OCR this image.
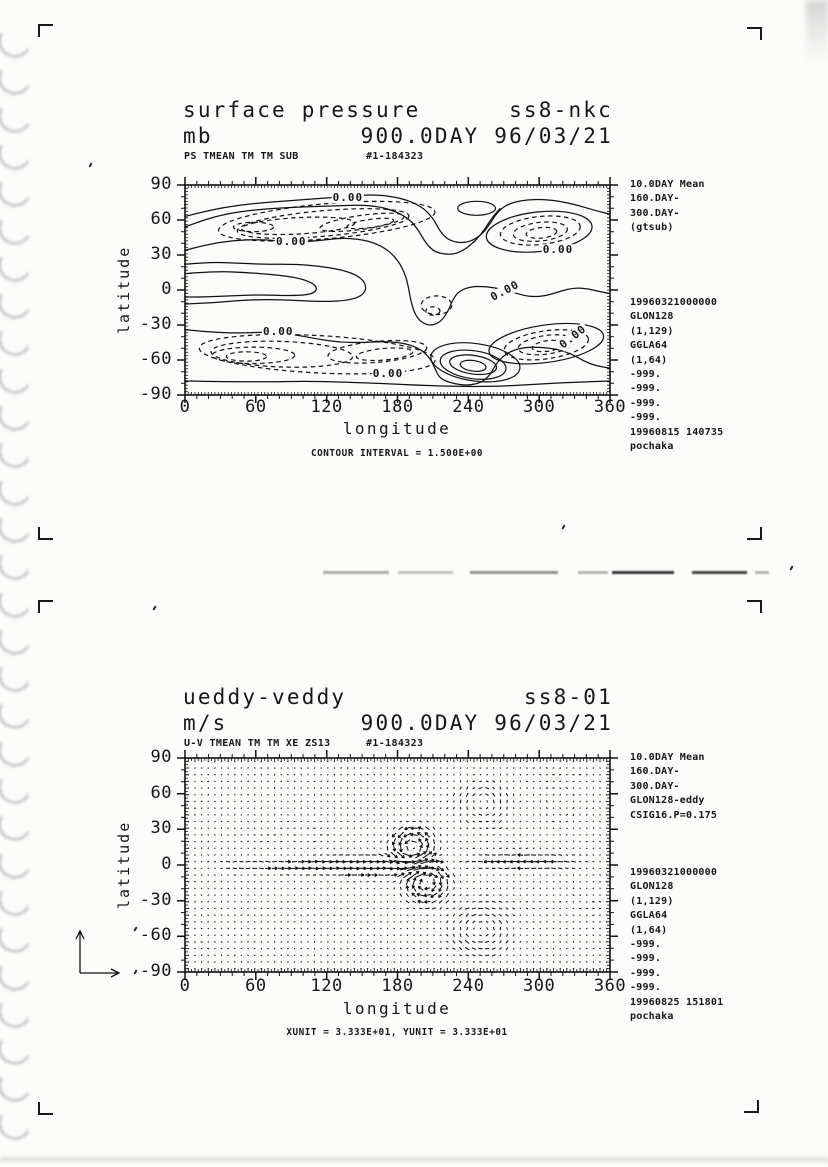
surface pressure	ss8-nkc
mb	900.0DAY 96/03/21
PS TMEAN TM TM SUB	#1-184323
longitude
latitude
CONTOUR INTERVAL = 1.500E+00
10.0DAY Mean
160.DAY-
300.DAY-
(gtsub)
19960321000000
GLON128
(1,129)
GGLA64
(1,64)
-999.
-999.
-999.
-999.
19960815 140735
pochaka
ueddy-veddy	ss8-01
m/s	900.0DAY 96/03/21
U-V TMEAN TM TM XE ZS13	#1-184323
longitude
latitude
XUNIT = 3.333E+01, YUNIT = 3.333E+01
10.0DAY Mean
160.DAY-
300.DAY-
GLON128-eddy
CSIG16.P=0.175
19960321000000
GLON128
(1,129)
GGLA64
(1,64)
-999.
-999.
-999.
-999.
19960825 151801
pochaka
0	60	120 180 240 300 360
90
60
30
0
-30
-60
-90
0	60	120 180 240 300 360
90
60
30
0
-30
-60
-90
0.00
0.00
0.00
0.00
0.00
0.00
0.00
